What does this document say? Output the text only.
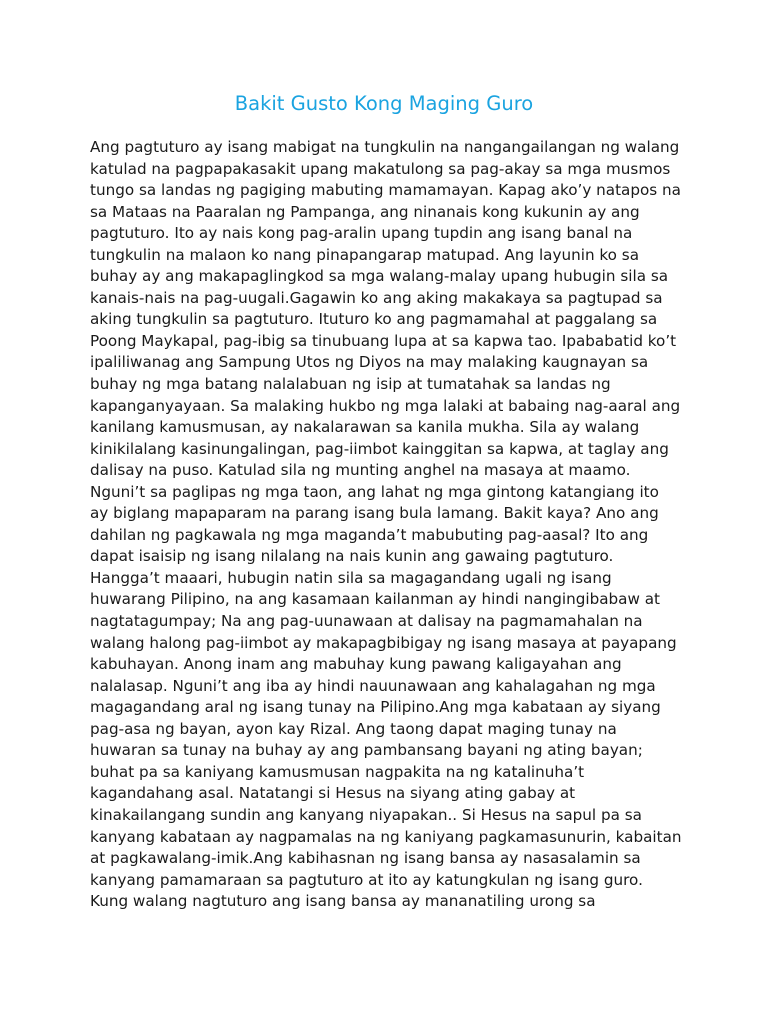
Bakit Gusto Kong Maging Guro
Ang pagtuturo ay isang mabigat na tungkulin na nangangailangan ng walang
katulad na pagpapakasakit upang makatulong sa pag-akay sa mga musmos
tungo sa landas ng pagiging mabuting mamamayan. Kapag ako’y natapos na
sa Mataas na Paaralan ng Pampanga, ang ninanais kong kukunin ay ang
pagtuturo. Ito ay nais kong pag-aralin upang tupdin ang isang banal na
tungkulin na malaon ko nang pinapangarap matupad. Ang layunin ko sa
buhay ay ang makapaglingkod sa mga walang-malay upang hubugin sila sa
kanais-nais na pag-uugali.Gagawin ko ang aking makakaya sa pagtupad sa
aking tungkulin sa pagtuturo. Ituturo ko ang pagmamahal at paggalang sa
Poong Maykapal, pag-ibig sa tinubuang lupa at sa kapwa tao. Ipababatid ko’t
ipaliliwanag ang Sampung Utos ng Diyos na may malaking kaugnayan sa
buhay ng mga batang nalalabuan ng isip at tumatahak sa landas ng
kapanganyayaan. Sa malaking hukbo ng mga lalaki at babaing nag-aaral ang
kanilang kamusmusan, ay nakalarawan sa kanila mukha. Sila ay walang
kinikilalang kasinungalingan, pag-iimbot kainggitan sa kapwa, at taglay ang
dalisay na puso. Katulad sila ng munting anghel na masaya at maamo.
Nguni’t sa paglipas ng mga taon, ang lahat ng mga gintong katangiang ito
ay biglang mapaparam na parang isang bula lamang. Bakit kaya? Ano ang
dahilan ng pagkawala ng mga maganda’t mabubuting pag-aasal? Ito ang
dapat isaisip ng isang nilalang na nais kunin ang gawaing pagtuturo.
Hangga’t maaari, hubugin natin sila sa magagandang ugali ng isang
huwarang Pilipino, na ang kasamaan kailanman ay hindi nangingibabaw at
nagtatagumpay; Na ang pag-uunawaan at dalisay na pagmamahalan na
walang halong pag-iimbot ay makapagbibigay ng isang masaya at payapang
kabuhayan. Anong inam ang mabuhay kung pawang kaligayahan ang
nalalasap. Nguni’t ang iba ay hindi nauunawaan ang kahalagahan ng mga
magagandang aral ng isang tunay na Pilipino.Ang mga kabataan ay siyang
pag-asa ng bayan, ayon kay Rizal. Ang taong dapat maging tunay na
huwaran sa tunay na buhay ay ang pambansang bayani ng ating bayan;
buhat pa sa kaniyang kamusmusan nagpakita na ng katalinuha’t
kagandahang asal. Natatangi si Hesus na siyang ating gabay at
kinakailangang sundin ang kanyang niyapakan.. Si Hesus na sapul pa sa
kanyang kabataan ay nagpamalas na ng kaniyang pagkamasunurin, kabaitan
at pagkawalang-imik.Ang kabihasnan ng isang bansa ay nasasalamin sa
kanyang pamamaraan sa pagtuturo at ito ay katungkulan ng isang guro.
Kung walang nagtuturo ang isang bansa ay mananatiling urong sa
